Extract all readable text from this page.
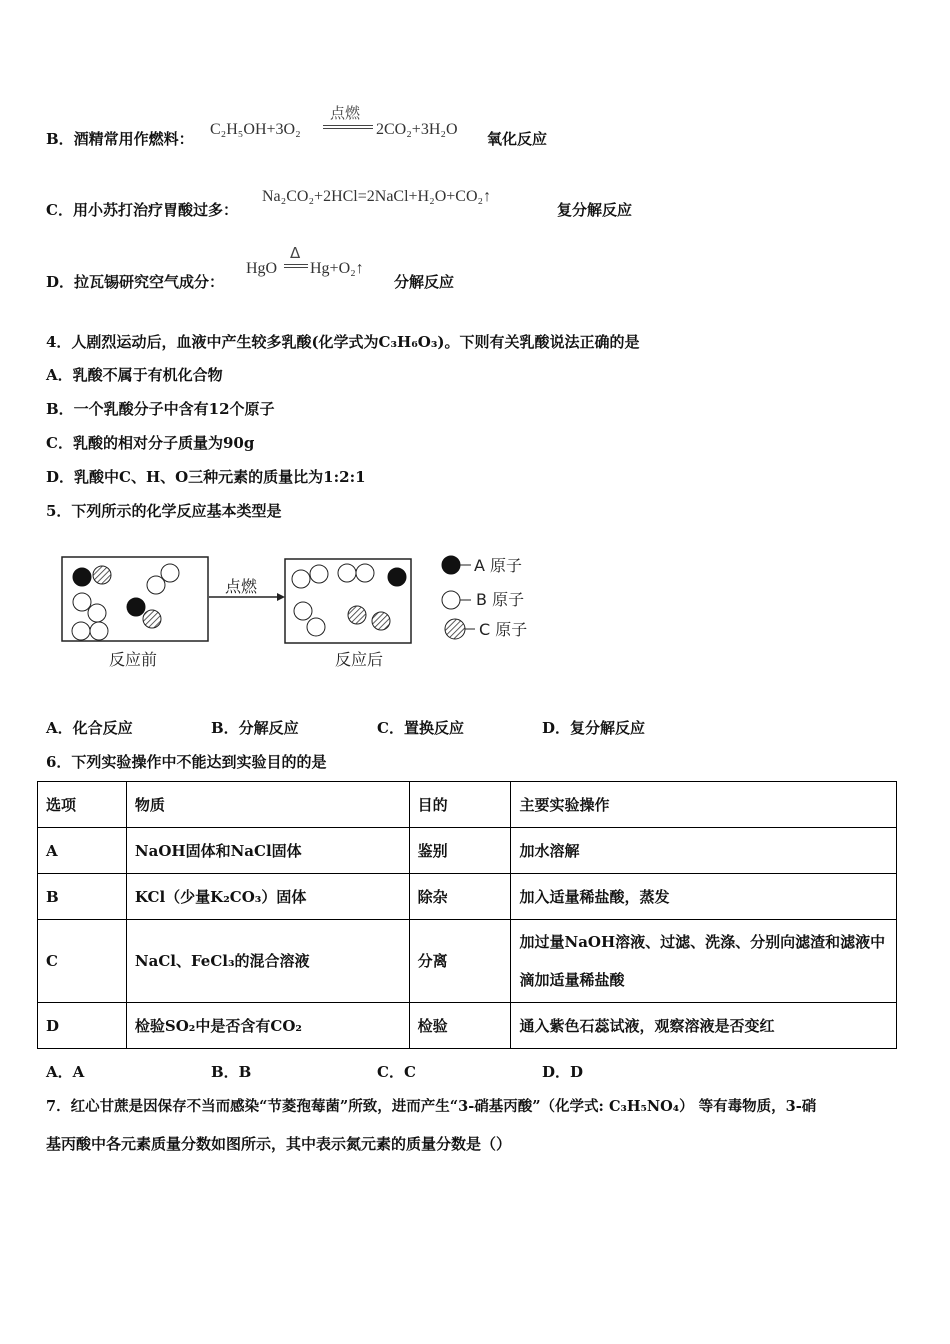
B．酒精常用作燃料：
C₂H₅OH+3O₂
点燃
2CO₂+3H₂O
氧化反应
C．用小苏打治疗胃酸过多：
Na₂CO₂+2HCl=2NaCl+H₂O+CO₂↑
复分解反应
D．拉瓦锡研究空气成分：
HgO
Δ
Hg+O₂↑
分解反应
4．人剧烈运动后，血液中产生较多乳酸(化学式为C₃H₆O₃)。下则有关乳酸说法正确的是
A．乳酸不属于有机化合物
B．一个乳酸分子中含有12个原子
C．乳酸的相对分子质量为90g
D．乳酸中C、H、O三种元素的质量比为1:2:1
5．下列所示的化学反应基本类型是
点燃
反应前	反应后
A 原子
B 原子
C 原子
A．化合反应	B．分解反应	C．置换反应	D．复分解反应
6．下列实验操作中不能达到实验目的的是
选项	物质	目的	主要实验操作
A	NaOH固体和NaCl固体	鉴别	加水溶解
B	KCl（少量K₂CO₃）固体	除杂	加入适量稀盐酸，蒸发
C	NaCl、FeCl₃的混合溶液	分离	加过量NaOH溶液、过滤、洗涤、分别向滤渣和滤液中滴加适量稀盐酸
D	检验SO₂中是否含有CO₂	检验	通入紫色石蕊试液，观察溶液是否变红
A．A	B．B	C．C	D．D
7．红心甘蔗是因保存不当而感染“节菱孢莓菌”所致，进而产生“3-硝基丙酸”（化学式: C₃H₅NO₄） 等有毒物质，3-硝
基丙酸中各元素质量分数如图所示，其中表示氮元素的质量分数是（）
